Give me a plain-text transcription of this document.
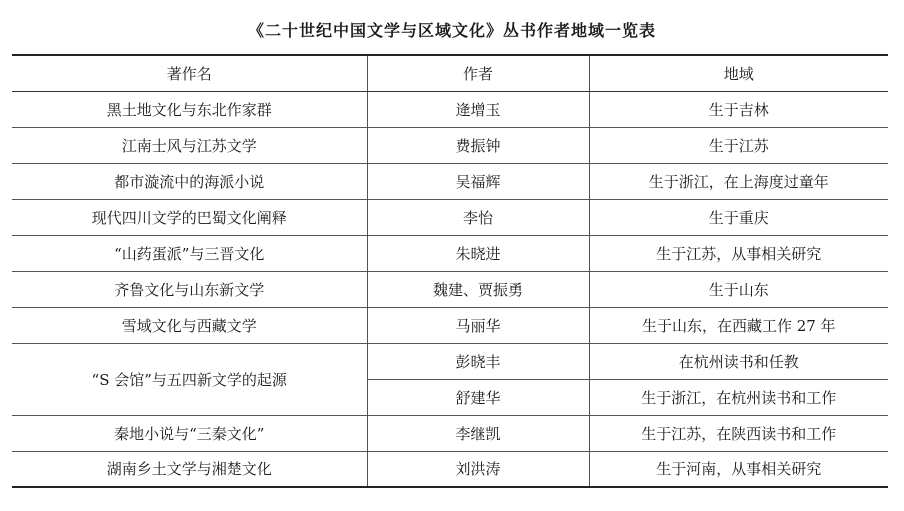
《二十世纪中国文学与区域文化》丛书作者地域一览表
著作名	作者	地域
黑土地文化与东北作家群	逄增玉	生于吉林
江南士风与江苏文学	费振钟	生于江苏
都市漩流中的海派小说	吴福辉	生于浙江，在上海度过童年
现代四川文学的巴蜀文化阐释	李怡	生于重庆
“山药蛋派”与三晋文化	朱晓进	生于江苏，从事相关研究
齐鲁文化与山东新文学	魏建、贾振勇	生于山东
雪域文化与西藏文学	马丽华	生于山东，在西藏工作 27 年
“S 会馆”与五四新文学的起源	彭晓丰	在杭州读书和任教
	舒建华	生于浙江，在杭州读书和工作
秦地小说与“三秦文化”	李继凯	生于江苏，在陕西读书和工作
湖南乡土文学与湘楚文化	刘洪涛	生于河南，从事相关研究
